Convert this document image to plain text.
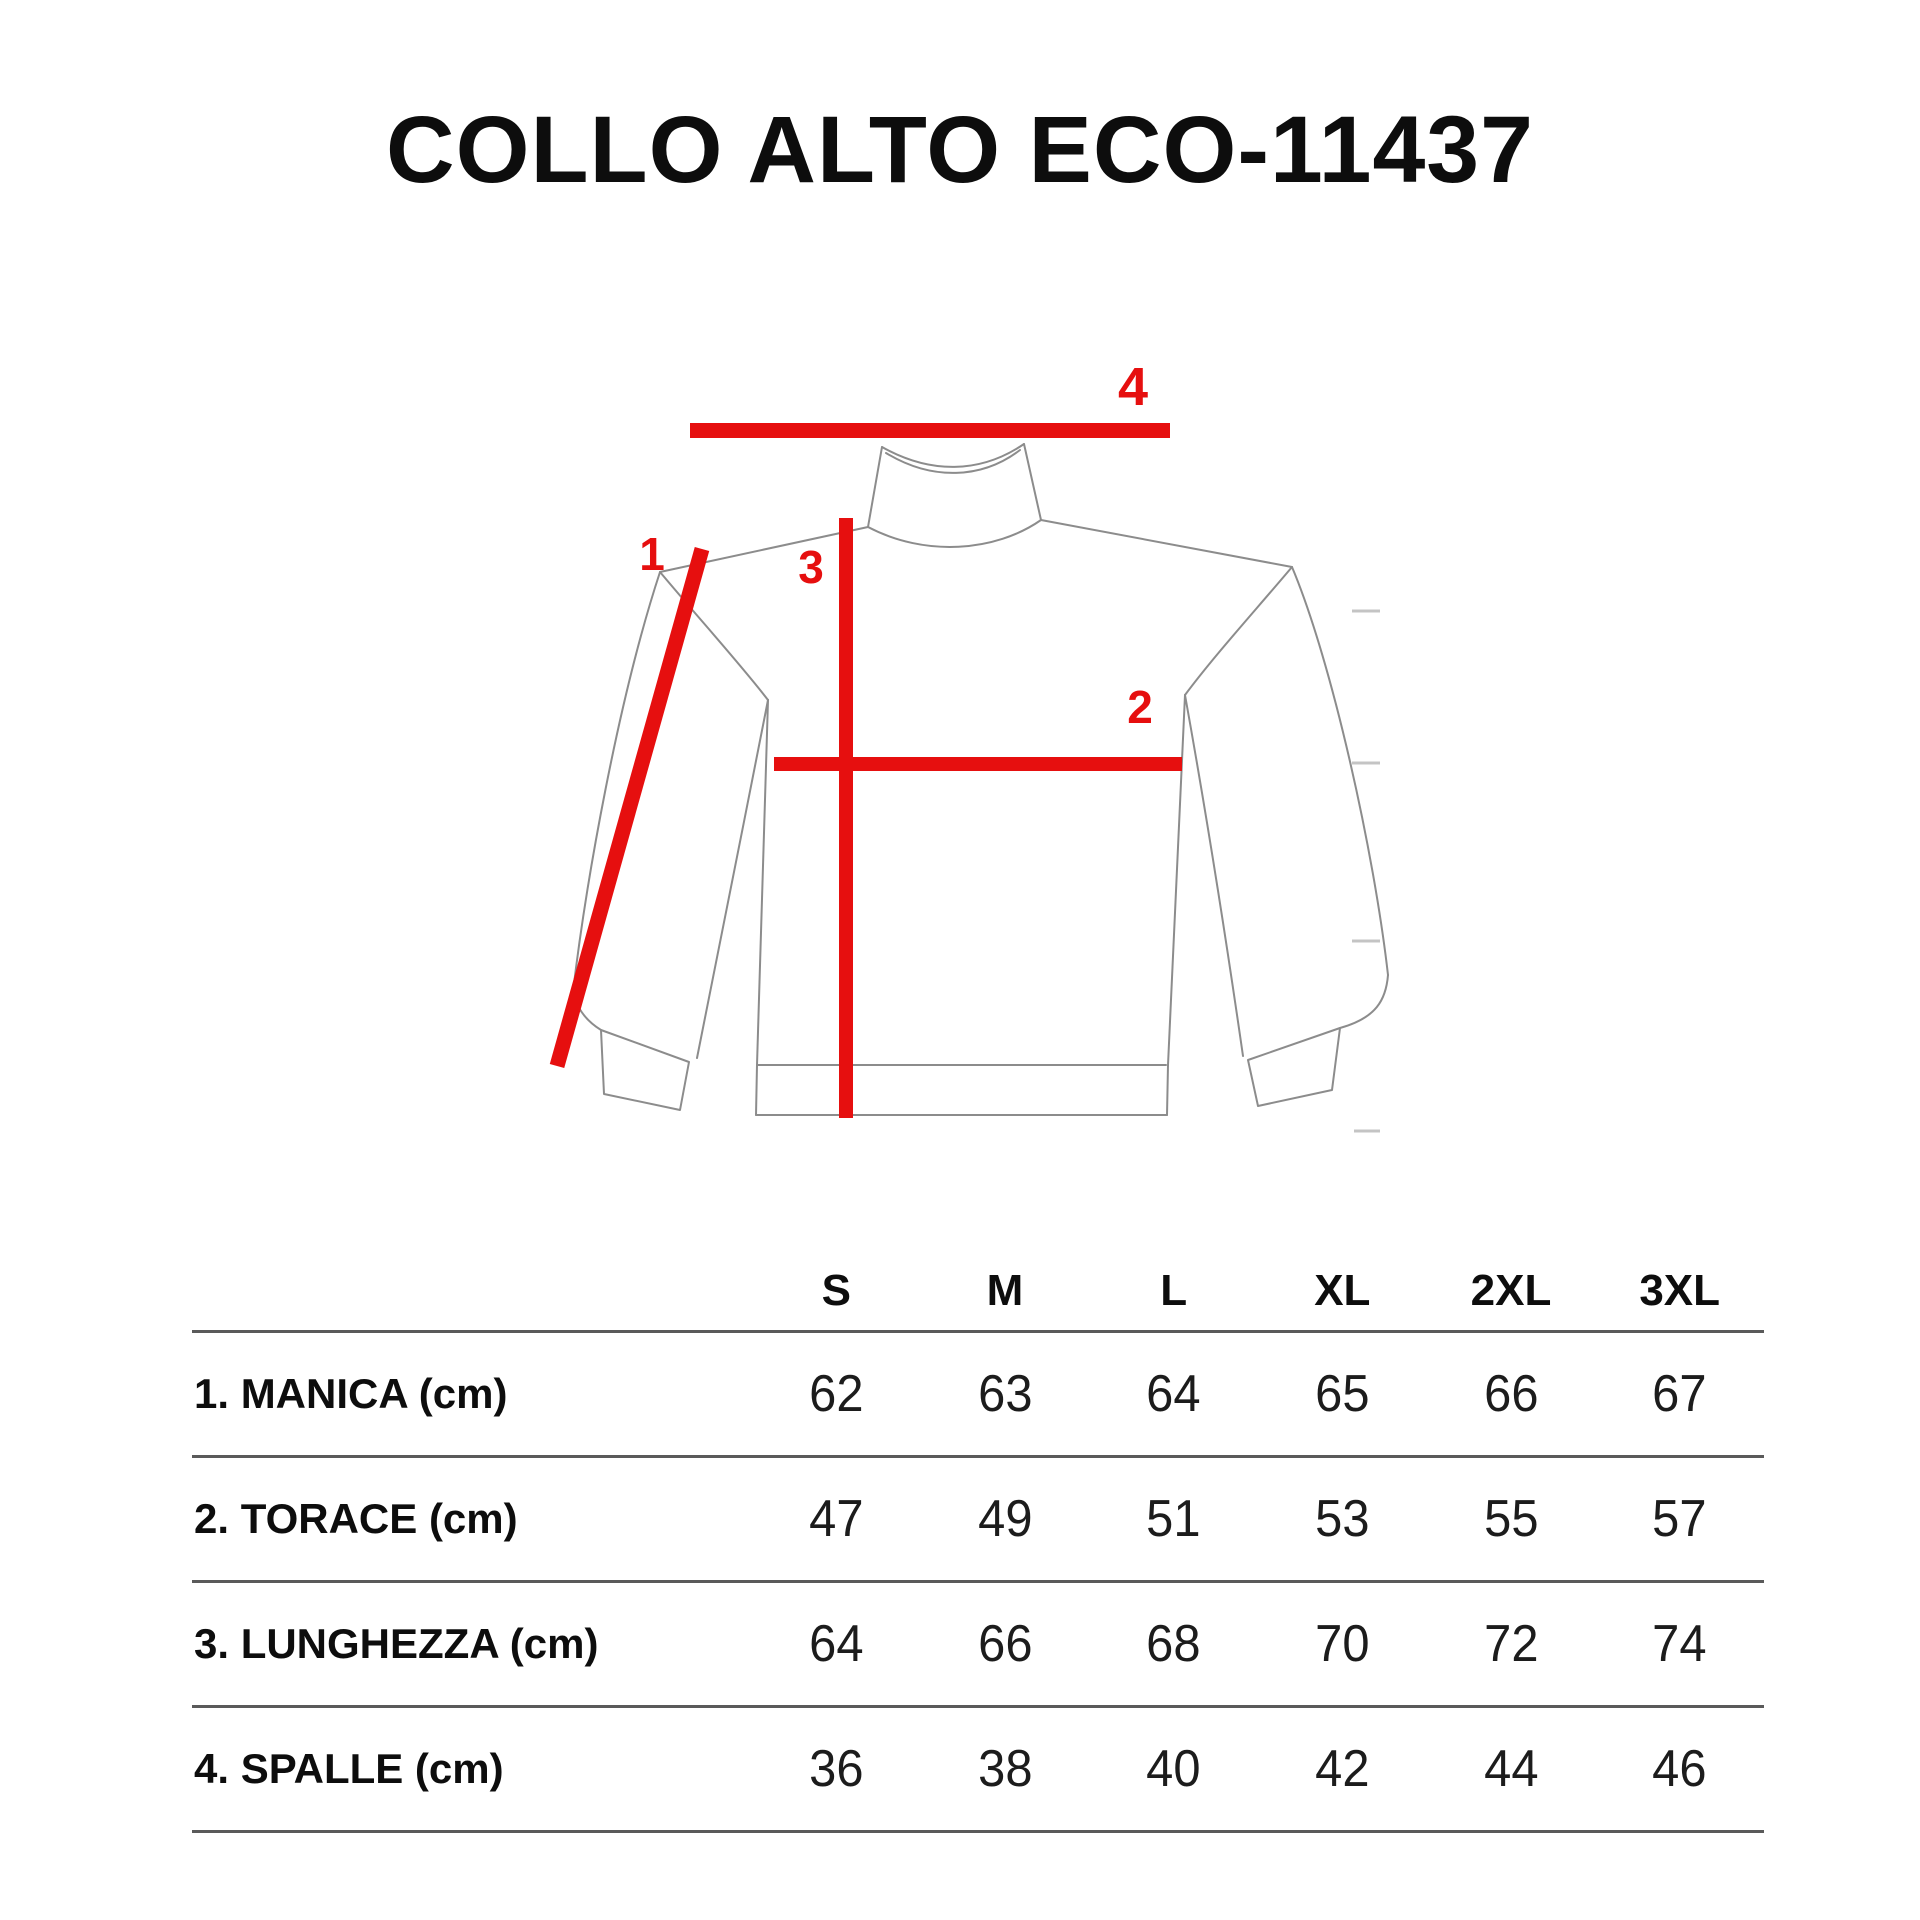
COLLO ALTO ECO-11437
1
2
3
4
S	M	L	XL	2XL	3XL
1. MANICA (cm)	62	63	64	65	66	67
2. TORACE (cm)	47	49	51	53	55	57
3. LUNGHEZZA (cm)	64	66	68	70	72	74
4. SPALLE (cm)	36	38	40	42	44	46
